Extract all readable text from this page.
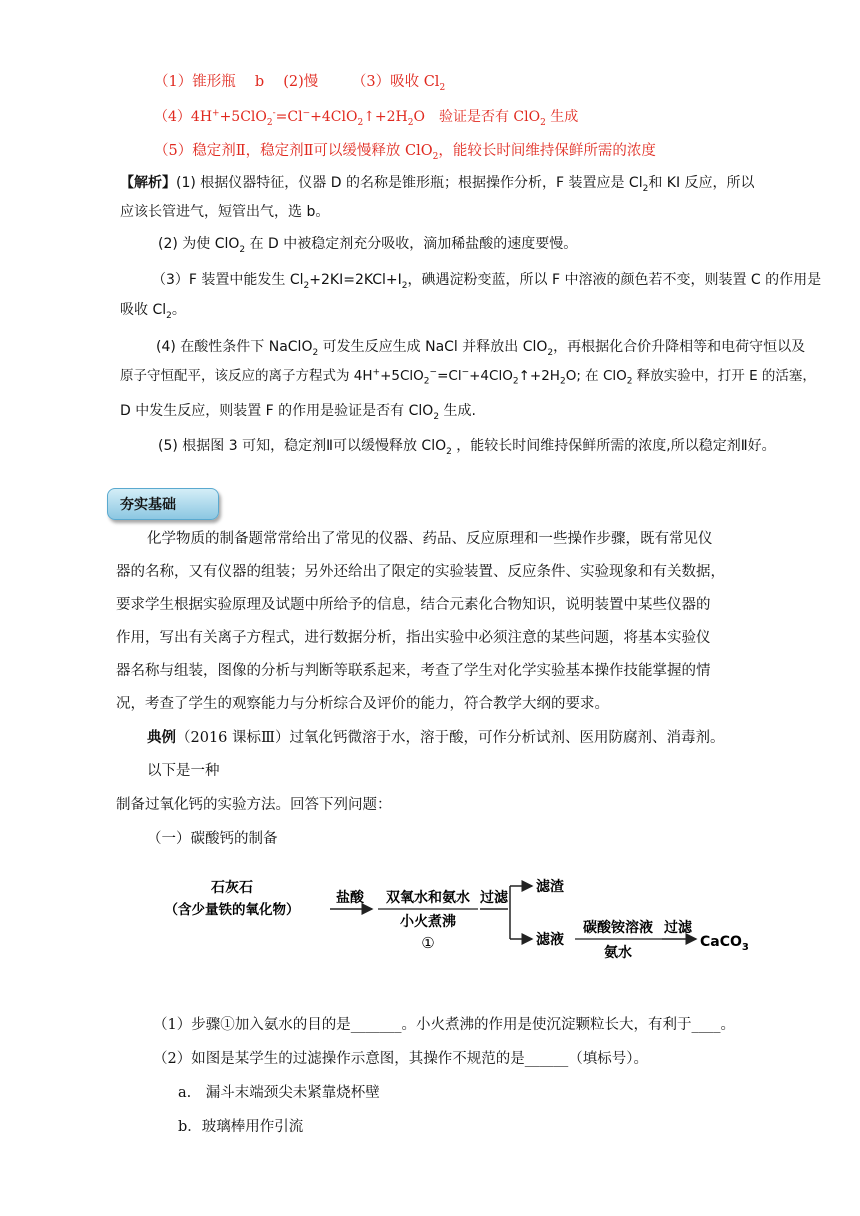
（1）锥形瓶　 b　 (2)慢　　 （3）吸收 $Cl_2$
$(4)4H^++5ClO_2^-=Cl^-+4ClO_2↑+2H_2O$　验证是否有 ClO$_2$ 生成
（5）稳定剂Ⅱ，稳定剂Ⅱ可以缓慢释放 ClO$_2$，能较长时间维持保鲜所需的浓度
【解析】(1) 根据仪器特征，仪器 D 的名称是锥形瓶；根据操作分析，F 装置应是 $Cl_2$和 KI 反应，所以
应该长管进气，短管出气，选 b。
(2) 为使 ClO$_2$ 在 D 中被稳定剂充分吸收，滴加稀盐酸的速度要慢。
（3）F 装置中能发生 $Cl_2+2KI=2KCl+I_2$，碘遇淀粉变蓝，所以 F 中溶液的颜色若不变，则装置 C 的作用是
吸收 $Cl_2$。
(4) 在酸性条件下 NaClO$_2$ 可发生反应生成 NaCl 并释放出 ClO$_2$，再根据化合价升降相等和电荷守恒以及
原子守恒配平，该反应的离子方程式为 $4H^++5ClO_2^-=Cl^-+4ClO_2↑+2H_2O$; 在 ClO$_2$ 释放实验中，打开 E 的活塞，
D 中发生反应，则装置 F 的作用是验证是否有 ClO$_2$ 生成.
(5) 根据图 3 可知，稳定剂Ⅱ可以缓慢释放 ClO$_2$ ，能较长时间维持保鲜所需的浓度,所以稳定剂Ⅱ好。
夯实基础
化学物质的制备题常常给出了常见的仪器、药品、反应原理和一些操作步骤，既有常见仪
器的名称，又有仪器的组装；另外还给出了限定的实验装置、反应条件、实验现象和有关数据，
要求学生根据实验原理及试题中所给予的信息，结合元素化合物知识，说明装置中某些仪器的
作用，写出有关离子方程式，进行数据分析，指出实验中必须注意的某些问题，将基本实验仪
器名称与组装，图像的分析与判断等联系起来，考查了学生对化学实验基本操作技能掌握的情
况，考查了学生的观察能力与分析综合及评价的能力，符合教学大纲的要求。
典例（2016 课标Ⅲ）过氧化钙微溶于水，溶于酸，可作分析试剂、医用防腐剂、消毒剂。
以下是一种
制备过氧化钙的实验方法。回答下列问题：
（一）碳酸钙的制备
石灰石
（含少量铁的氧化物）
盐酸 双氧水和氨水
小火煮沸
①
过滤
滤渣
滤液
碳酸铵溶液
氨水
过滤
CaCO$_3$
（1）步骤①加入氨水的目的是_______。小火煮沸的作用是使沉淀颗粒长大，有利于____。
（2）如图是某学生的过滤操作示意图，其操作不规范的是______（填标号）。
a.　漏斗末端颈尖未紧靠烧杯壁
b．玻璃棒用作引流
